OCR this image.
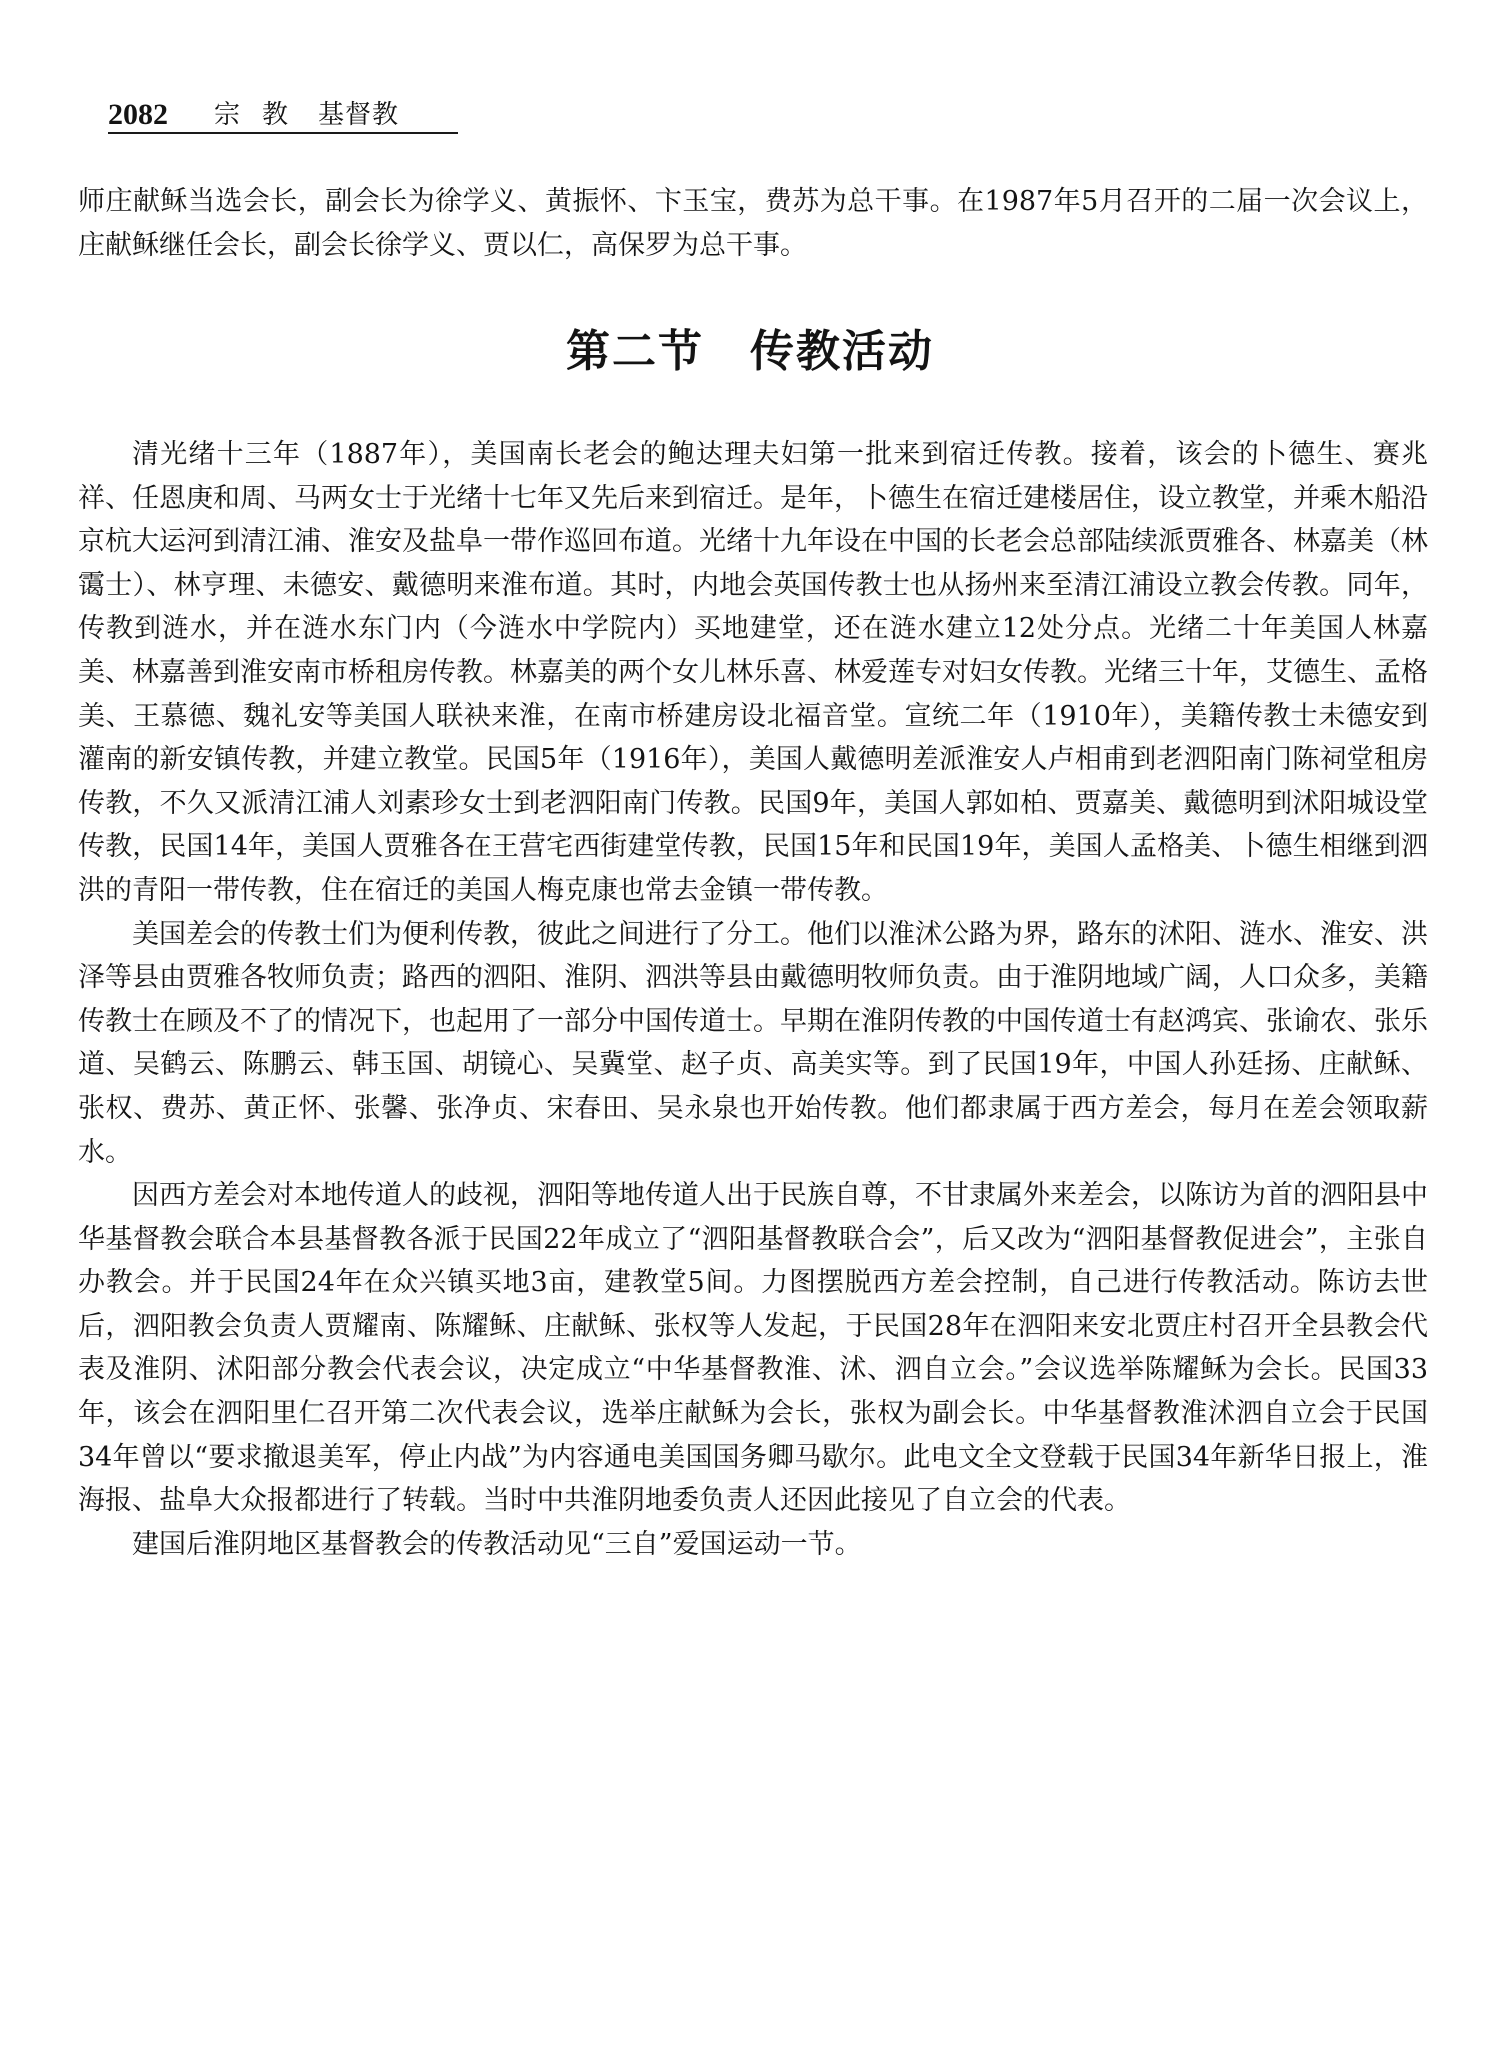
2082 宗教 基督教

师庄献稣当选会长，副会长为徐学义、黄振怀、卞玉宝，费苏为总干事。在1987年5月召开的二届一次会议上，庄献稣继任会长，副会长徐学义、贾以仁，高保罗为总干事。

第二节　传教活动

清光绪十三年（1887年），美国南长老会的鲍达理夫妇第一批来到宿迁传教。接着，该会的卜德生、赛兆祥、任恩庚和周、马两女士于光绪十七年又先后来到宿迁。是年，卜德生在宿迁建楼居住，设立教堂，并乘木船沿京杭大运河到清江浦、淮安及盐阜一带作巡回布道。光绪十九年设在中国的长老会总部陆续派贾雅各、林嘉美（林霭士）、林亨理、未德安、戴德明来淮布道。其时，内地会英国传教士也从扬州来至清江浦设立教会传教。同年，传教到涟水，并在涟水东门内（今涟水中学院内）买地建堂，还在涟水建立12处分点。光绪二十年美国人林嘉美、林嘉善到淮安南市桥租房传教。林嘉美的两个女儿林乐喜、林爱莲专对妇女传教。光绪三十年，艾德生、孟格美、王慕德、魏礼安等美国人联袂来淮，在南市桥建房设北福音堂。宣统二年（1910年），美籍传教士未德安到灌南的新安镇传教，并建立教堂。民国5年（1916年），美国人戴德明差派淮安人卢相甫到老泗阳南门陈祠堂租房传教，不久又派清江浦人刘素珍女士到老泗阳南门传教。民国9年，美国人郭如柏、贾嘉美、戴德明到沭阳城设堂传教，民国14年，美国人贾雅各在王营宅西街建堂传教，民国15年和民国19年，美国人孟格美、卜德生相继到泗洪的青阳一带传教，住在宿迁的美国人梅克康也常去金镇一带传教。

美国差会的传教士们为便利传教，彼此之间进行了分工。他们以淮沭公路为界，路东的沭阳、涟水、淮安、洪泽等县由贾雅各牧师负责；路西的泗阳、淮阴、泗洪等县由戴德明牧师负责。由于淮阴地域广阔，人口众多，美籍传教士在顾及不了的情况下，也起用了一部分中国传道士。早期在淮阴传教的中国传道士有赵鸿宾、张谕农、张乐道、吴鹤云、陈鹏云、韩玉国、胡镜心、吴冀堂、赵子贞、高美实等。到了民国19年，中国人孙廷扬、庄献稣、张权、费苏、黄正怀、张馨、张净贞、宋春田、吴永泉也开始传教。他们都隶属于西方差会，每月在差会领取薪水。

因西方差会对本地传道人的歧视，泗阳等地传道人出于民族自尊，不甘隶属外来差会，以陈访为首的泗阳县中华基督教会联合本县基督教各派于民国22年成立了“泗阳基督教联合会”，后又改为“泗阳基督教促进会”，主张自办教会。并于民国24年在众兴镇买地3亩，建教堂5间。力图摆脱西方差会控制，自己进行传教活动。陈访去世后，泗阳教会负责人贾耀南、陈耀稣、庄献稣、张权等人发起，于民国28年在泗阳来安北贾庄村召开全县教会代表及淮阴、沭阳部分教会代表会议，决定成立“中华基督教淮、沭、泗自立会。”会议选举陈耀稣为会长。民国33年，该会在泗阳里仁召开第二次代表会议，选举庄献稣为会长，张权为副会长。中华基督教淮沭泗自立会于民国34年曾以“要求撤退美军，停止内战”为内容通电美国国务卿马歇尔。此电文全文登载于民国34年新华日报上，淮海报、盐阜大众报都进行了转载。当时中共淮阴地委负责人还因此接见了自立会的代表。

建国后淮阴地区基督教会的传教活动见“三自”爱国运动一节。
